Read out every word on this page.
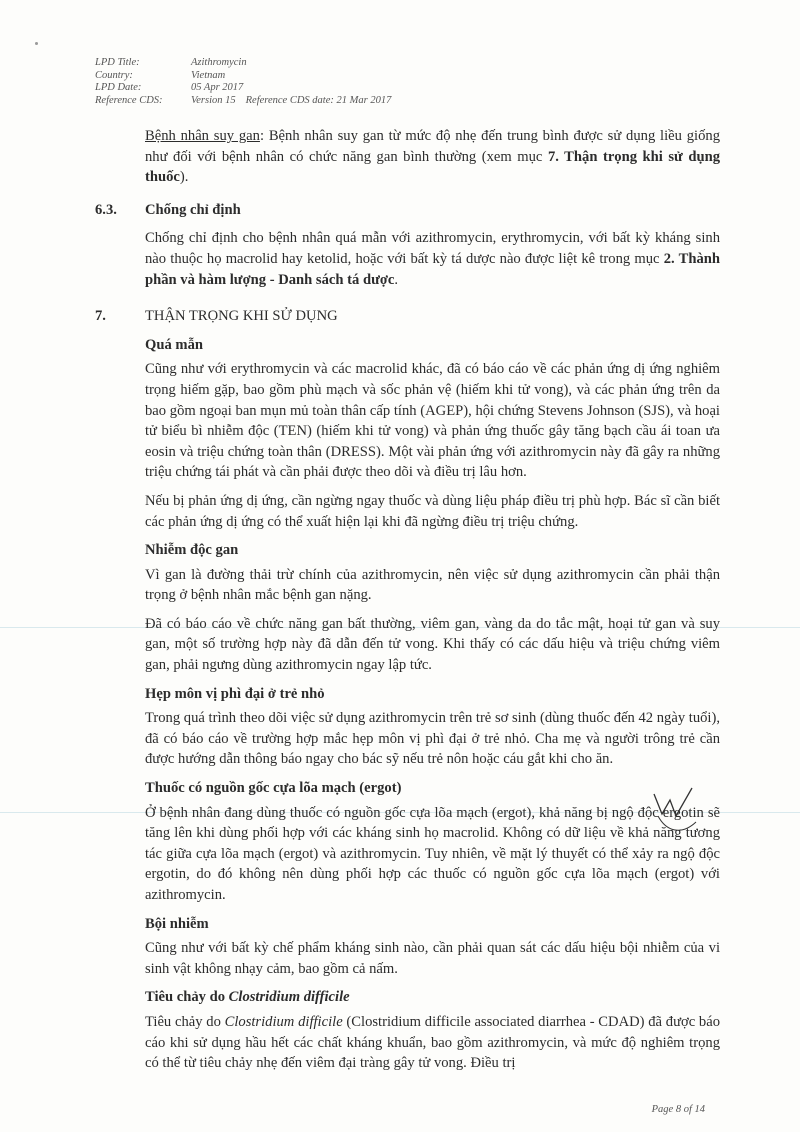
LPD Title:	Azithromycin
Country:	Vietnam
LPD Date:	05 Apr 2017
Reference CDS:	Version 15 Reference CDS date: 21 Mar 2017

Bệnh nhân suy gan: Bệnh nhân suy gan từ mức độ nhẹ đến trung bình được sử dụng liều giống như đối với bệnh nhân có chức năng gan bình thường (xem mục 7. Thận trọng khi sử dụng thuốc).

6.3.	Chống chỉ định

Chống chỉ định cho bệnh nhân quá mẫn với azithromycin, erythromycin, với bất kỳ kháng sinh nào thuộc họ macrolid hay ketolid, hoặc với bất kỳ tá dược nào được liệt kê trong mục 2. Thành phần và hàm lượng - Danh sách tá dược.

7.	THẬN TRỌNG KHI SỬ DỤNG
Quá mẫn

Cũng như với erythromycin và các macrolid khác, đã có báo cáo về các phản ứng dị ứng nghiêm trọng hiếm gặp, bao gồm phù mạch và sốc phản vệ (hiếm khi tử vong), và các phản ứng trên da bao gồm ngoại ban mụn mủ toàn thân cấp tính (AGEP), hội chứng Stevens Johnson (SJS), và hoại tử biểu bì nhiễm độc (TEN) (hiếm khi tử vong) và phản ứng thuốc gây tăng bạch cầu ái toan ưa eosin và triệu chứng toàn thân (DRESS). Một vài phản ứng với azithromycin này đã gây ra những triệu chứng tái phát và cần phải được theo dõi và điều trị lâu hơn.

Nếu bị phản ứng dị ứng, cần ngừng ngay thuốc và dùng liệu pháp điều trị phù hợp. Bác sĩ cần biết các phản ứng dị ứng có thể xuất hiện lại khi đã ngừng điều trị triệu chứng.

Nhiễm độc gan

Vì gan là đường thải trừ chính của azithromycin, nên việc sử dụng azithromycin cần phải thận trọng ở bệnh nhân mắc bệnh gan nặng.

Đã có báo cáo về chức năng gan bất thường, viêm gan, vàng da do tắc mật, hoại tử gan và suy gan, một số trường hợp này đã dẫn đến tử vong. Khi thấy có các dấu hiệu và triệu chứng viêm gan, phải ngưng dùng azithromycin ngay lập tức.

Hẹp môn vị phì đại ở trẻ nhỏ

Trong quá trình theo dõi việc sử dụng azithromycin trên trẻ sơ sinh (dùng thuốc đến 42 ngày tuổi), đã có báo cáo về trường hợp mắc hẹp môn vị phì đại ở trẻ nhỏ. Cha mẹ và người trông trẻ cần được hướng dẫn thông báo ngay cho bác sỹ nếu trẻ nôn hoặc cáu gắt khi cho ăn.

Thuốc có nguồn gốc cựa lõa mạch (ergot)

Ở bệnh nhân đang dùng thuốc có nguồn gốc cựa lõa mạch (ergot), khả năng bị ngộ độc ergotin sẽ tăng lên khi dùng phối hợp với các kháng sinh họ macrolid. Không có dữ liệu về khả năng tương tác giữa cựa lõa mạch (ergot) và azithromycin. Tuy nhiên, về mặt lý thuyết có thể xảy ra ngộ độc ergotin, do đó không nên dùng phối hợp các thuốc có nguồn gốc cựa lõa mạch (ergot) với azithromycin.

Bội nhiễm

Cũng như với bất kỳ chế phẩm kháng sinh nào, cần phải quan sát các dấu hiệu bội nhiễm của vi sinh vật không nhạy cảm, bao gồm cả nấm.

Tiêu chảy do Clostridium difficile

Tiêu chảy do Clostridium difficile (Clostridium difficile associated diarrhea - CDAD) đã được báo cáo khi sử dụng hầu hết các chất kháng khuẩn, bao gồm azithromycin, và mức độ nghiêm trọng có thể từ tiêu chảy nhẹ đến viêm đại tràng gây tử vong. Điều trị

Page 8 of 14
